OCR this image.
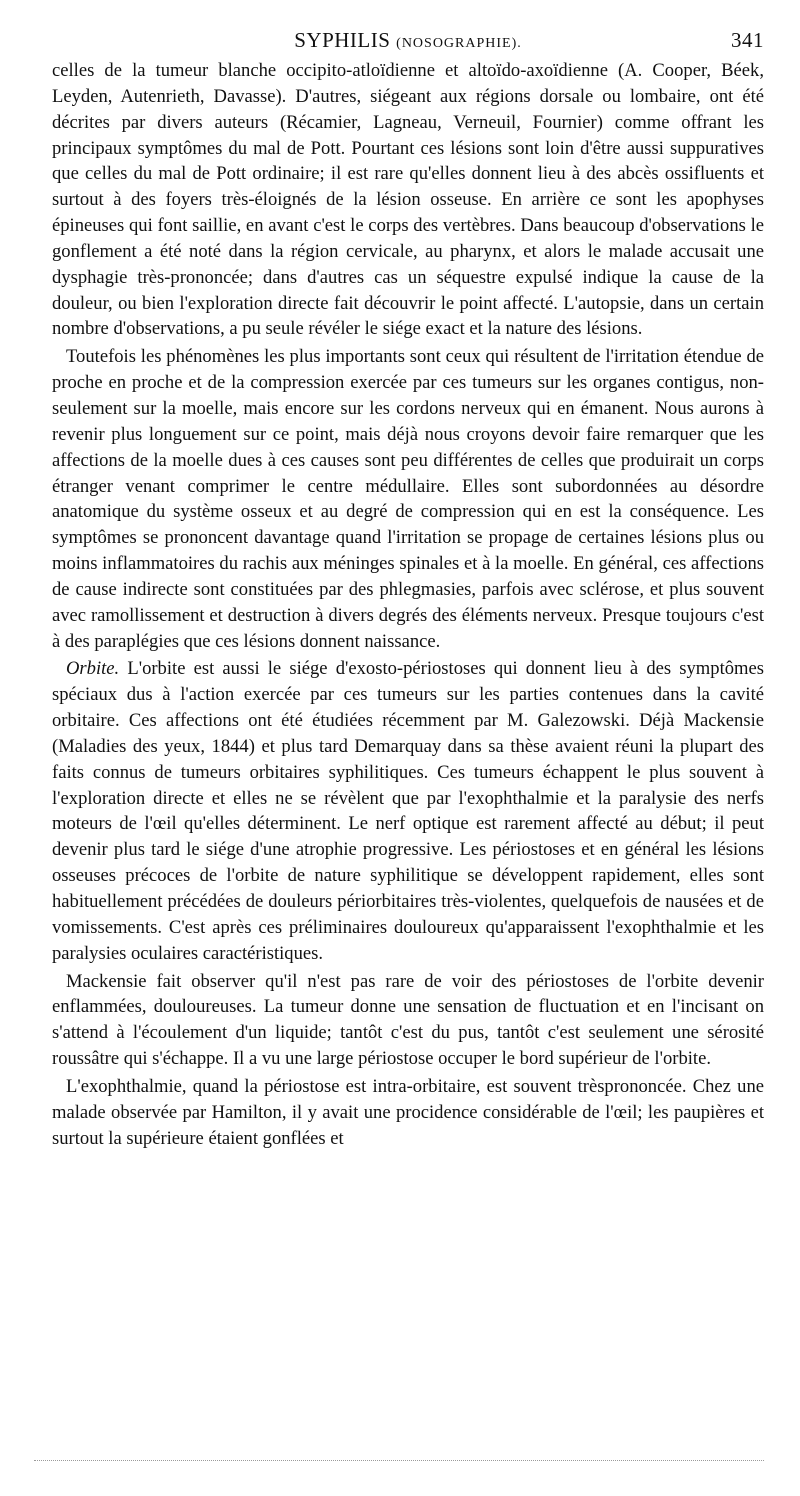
SYPHILIS (NOSOGRAPHIE).	341

celles de la tumeur blanche occipito-atloïdienne et altoïdo-axoïdienne (A. Cooper, Béek, Leyden, Autenrieth, Davasse). D'autres, siégeant aux régions dorsale ou lombaire, ont été décrites par divers auteurs (Récamier, Lagneau, Verneuil, Fournier) comme offrant les principaux symptômes du mal de Pott. Pourtant ces lésions sont loin d'être aussi suppuratives que celles du mal de Pott ordinaire; il est rare qu'elles donnent lieu à des abcès ossifluents et surtout à des foyers très-éloignés de la lésion osseuse. En arrière ce sont les apophyses épineuses qui font saillie, en avant c'est le corps des vertèbres. Dans beaucoup d'observations le gonflement a été noté dans la région cervicale, au pharynx, et alors le malade accusait une dysphagie très-prononcée; dans d'autres cas un séquestre expulsé indique la cause de la douleur, ou bien l'exploration directe fait découvrir le point affecté. L'autopsie, dans un certain nombre d'observations, a pu seule révéler le siége exact et la nature des lésions.

Toutefois les phénomènes les plus importants sont ceux qui résultent de l'irritation étendue de proche en proche et de la compression exercée par ces tumeurs sur les organes contigus, non-seulement sur la moelle, mais encore sur les cordons nerveux qui en émanent. Nous aurons à revenir plus longuement sur ce point, mais déjà nous croyons devoir faire remarquer que les affections de la moelle dues à ces causes sont peu différentes de celles que produirait un corps étranger venant comprimer le centre médullaire. Elles sont subordonnées au désordre anatomique du système osseux et au degré de compression qui en est la conséquence. Les symptômes se prononcent davantage quand l'irritation se propage de certaines lésions plus ou moins inflammatoires du rachis aux méninges spinales et à la moelle. En général, ces affections de cause indirecte sont constituées par des phlegmasies, parfois avec sclérose, et plus souvent avec ramollissement et destruction à divers degrés des éléments nerveux. Presque toujours c'est à des paraplégies que ces lésions donnent naissance.

Orbite. L'orbite est aussi le siége d'exosto-périostoses qui donnent lieu à des symptômes spéciaux dus à l'action exercée par ces tumeurs sur les parties contenues dans la cavité orbitaire. Ces affections ont été étudiées récemment par M. Galezowski. Déjà Mackensie (Maladies des yeux, 1844) et plus tard Demarquay dans sa thèse avaient réuni la plupart des faits connus de tumeurs orbitaires syphilitiques. Ces tumeurs échappent le plus souvent à l'exploration directe et elles ne se révèlent que par l'exophthalmie et la paralysie des nerfs moteurs de l'œil qu'elles déterminent. Le nerf optique est rarement affecté au début; il peut devenir plus tard le siége d'une atrophie progressive. Les périostoses et en général les lésions osseuses précoces de l'orbite de nature syphilitique se développent rapidement, elles sont habituellement précédées de douleurs périorbitaires très-violentes, quelquefois de nausées et de vomissements. C'est après ces préliminaires douloureux qu'apparaissent l'exophthalmie et les paralysies oculaires caractéristiques.

Mackensie fait observer qu'il n'est pas rare de voir des périostoses de l'orbite devenir enflammées, douloureuses. La tumeur donne une sensation de fluctuation et en l'incisant on s'attend à l'écoulement d'un liquide; tantôt c'est du pus, tantôt c'est seulement une sérosité roussâtre qui s'échappe. Il a vu une large périostose occuper le bord supérieur de l'orbite.

L'exophthalmie, quand la périostose est intra-orbitaire, est souvent trèsprononcée. Chez une malade observée par Hamilton, il y avait une procidence considérable de l'œil; les paupières et surtout la supérieure étaient gonflées et
